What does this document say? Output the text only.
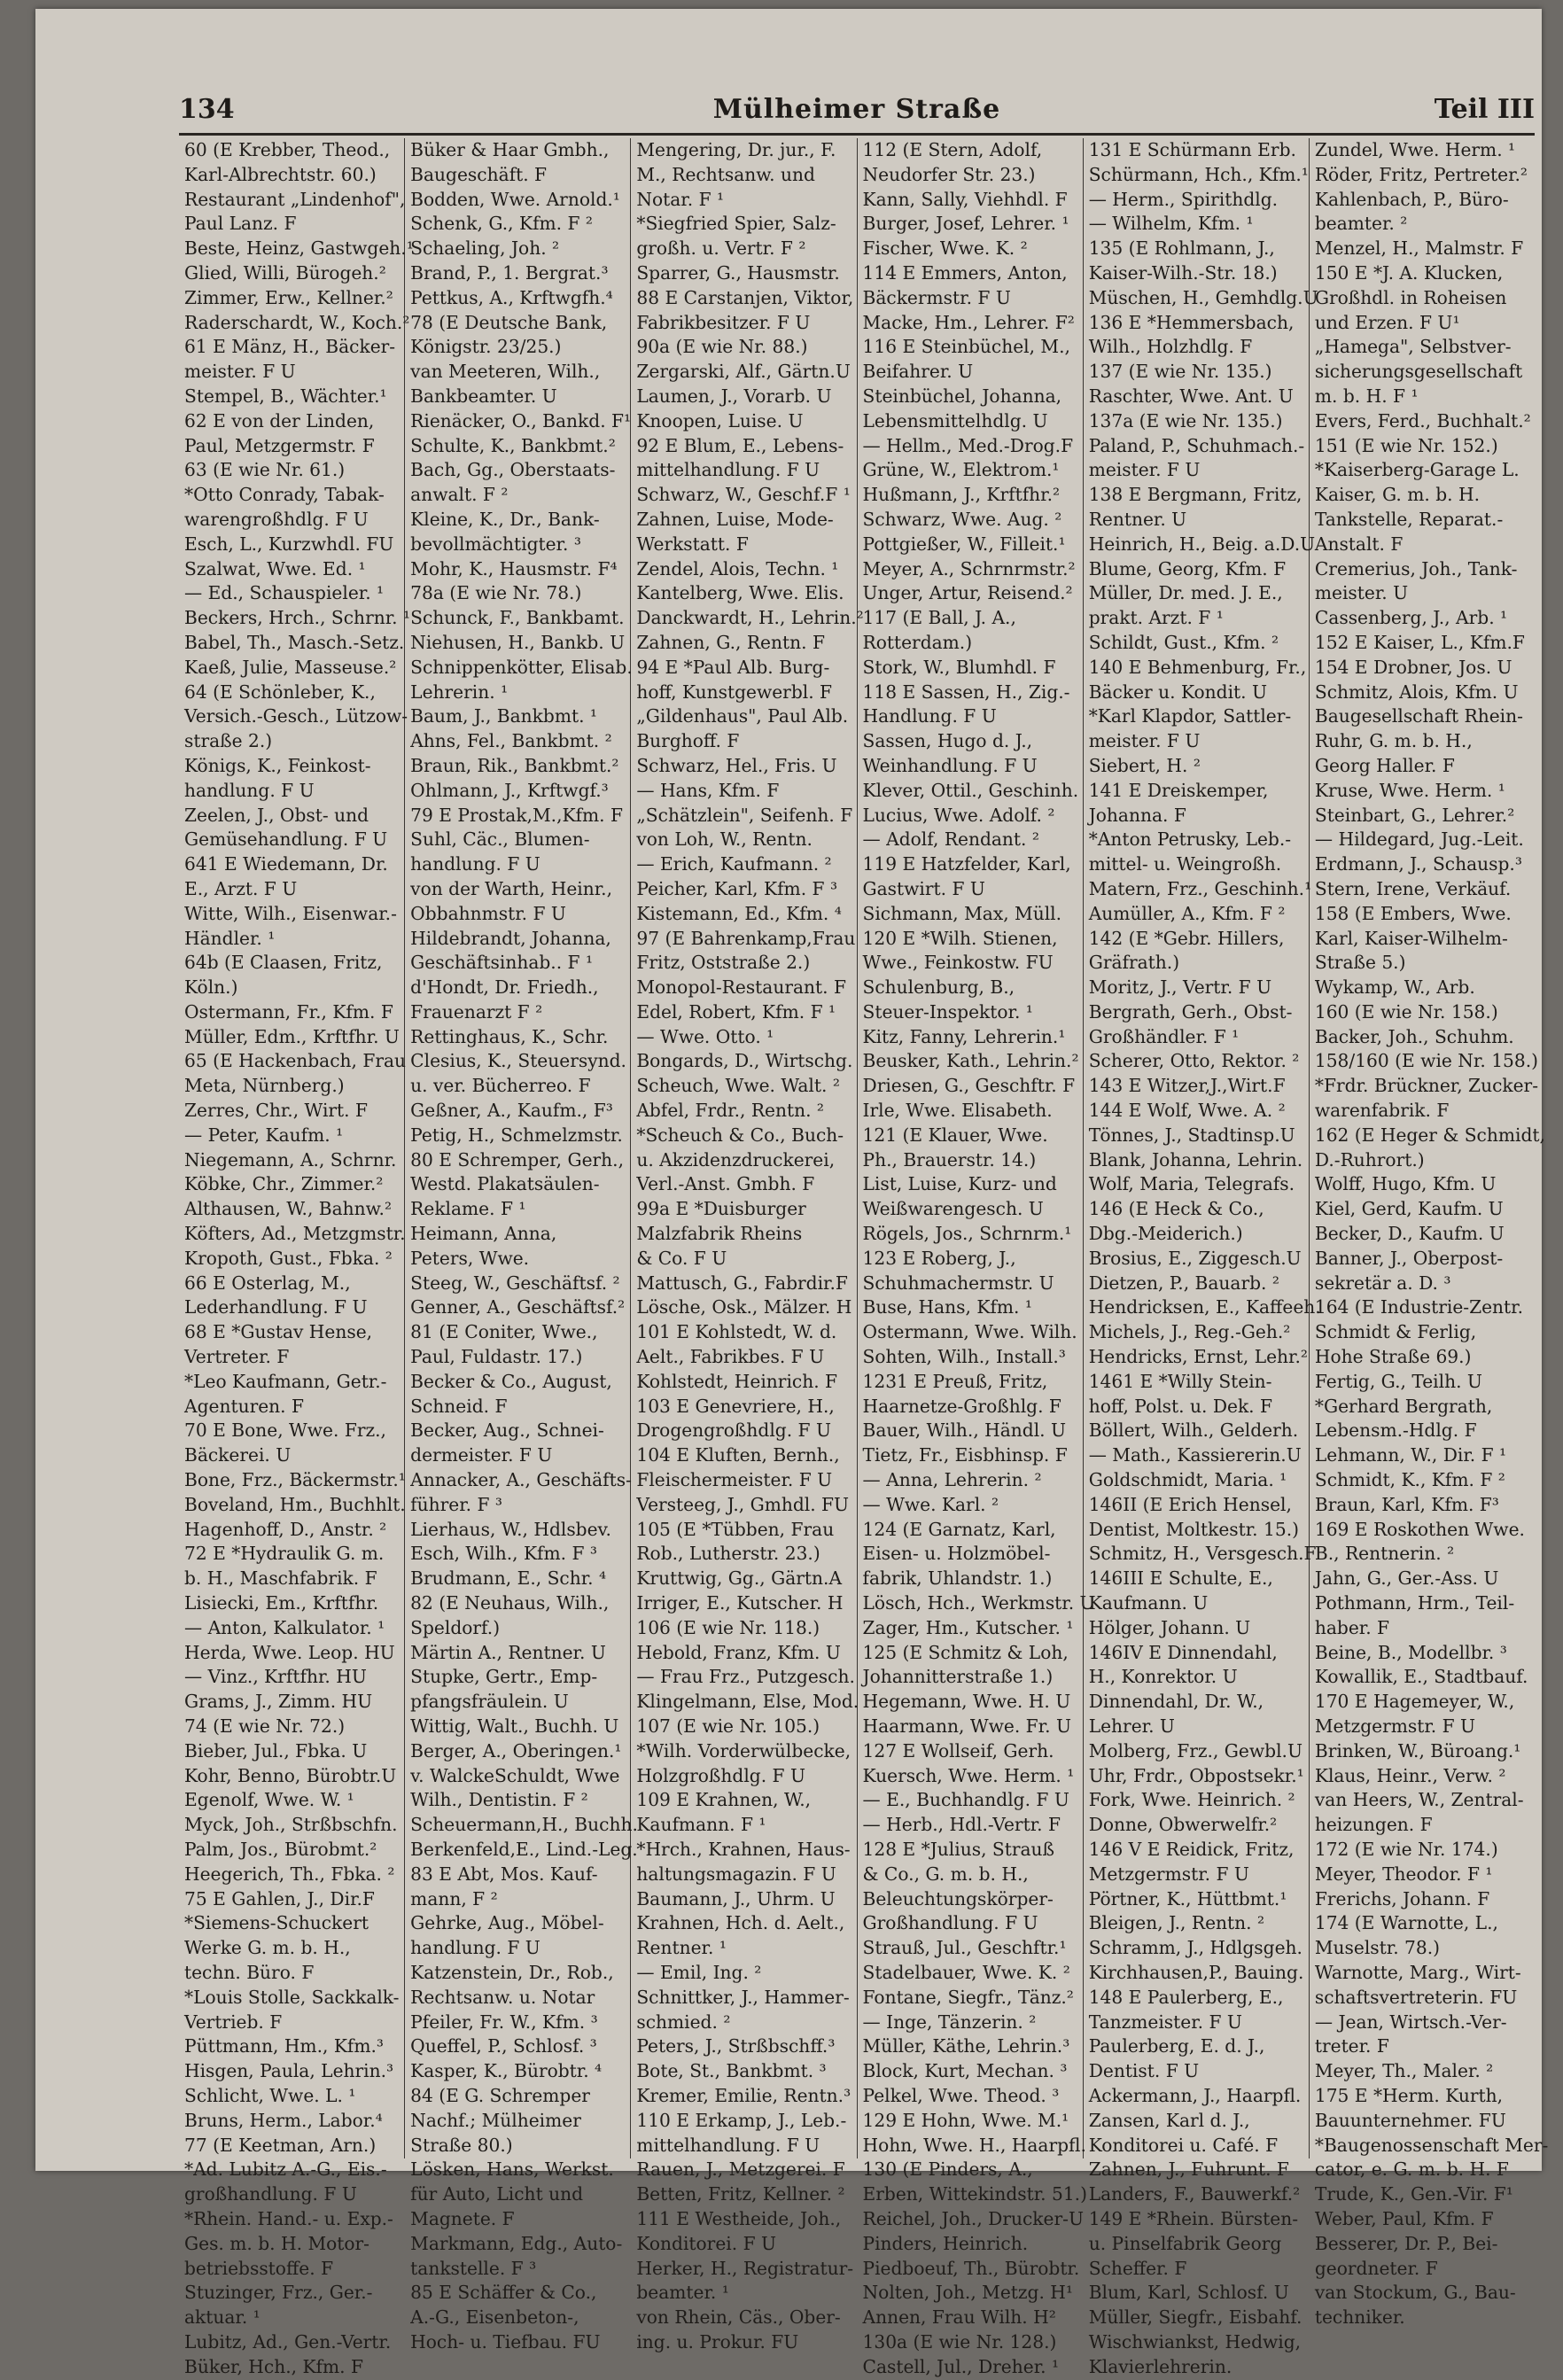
134	Mülheimer Straße	Teil III
60 (E Krebber, Theod.,
Karl-Albrechtstr. 60.)
Restaurant „Lindenhof",
Paul Lanz. F
Beste, Heinz, Gastwgeh.¹
Glied, Willi, Bürogeh.²
Zimmer, Erw., Kellner.²
Raderschardt, W., Koch.²
61 E Mänz, H., Bäcker-
meister. F U
Stempel, B., Wächter.¹
62 E von der Linden,
Paul, Metzgermstr. F
63 (E wie Nr. 61.)
*Otto Conrady, Tabak-
warengroßhdlg. F U
Esch, L., Kurzwhdl. FU
Szalwat, Wwe. Ed. ¹
— Ed., Schauspieler. ¹
Beckers, Hrch., Schrnr. ¹
Babel, Th., Masch.-Setz.
Kaeß, Julie, Masseuse.²
64 (E Schönleber, K.,
Versich.-Gesch., Lützow-
straße 2.)
Königs, K., Feinkost-
handlung. F U
Zeelen, J., Obst- und
Gemüsehandlung. F U
641 E Wiedemann, Dr.
E., Arzt. F U
Witte, Wilh., Eisenwar.-
Händler. ¹
64b (E Claasen, Fritz,
Köln.)
Ostermann, Fr., Kfm. F
Müller, Edm., Krftfhr. U
65 (E Hackenbach, Frau
Meta, Nürnberg.)
Zerres, Chr., Wirt. F
— Peter, Kaufm. ¹
Niegemann, A., Schrnr.
Köbke, Chr., Zimmer.²
Althausen, W., Bahnw.²
Köfters, Ad., Metzgmstr.
Kropoth, Gust., Fbka. ²
66 E Osterlag, M.,
Lederhandlung. F U
68 E *Gustav Hense,
Vertreter. F
*Leo Kaufmann, Getr.-
Agenturen. F
70 E Bone, Wwe. Frz.,
Bäckerei. U
Bone, Frz., Bäckermstr.¹
Boveland, Hm., Buchhlt.
Hagenhoff, D., Anstr. ²
72 E *Hydraulik G. m.
b. H., Maschfabrik. F
Lisiecki, Em., Krftfhr.
— Anton, Kalkulator. ¹
Herda, Wwe. Leop. HU
— Vinz., Krftfhr. HU
Grams, J., Zimm. HU
74 (E wie Nr. 72.)
Bieber, Jul., Fbka. U
Kohr, Benno, Bürobtr.U
Egenolf, Wwe. W. ¹
Myck, Joh., Strßbschfn.
Palm, Jos., Bürobmt.²
Heegerich, Th., Fbka. ²
75 E Gahlen, J., Dir.F
*Siemens-Schuckert
Werke G. m. b. H.,
techn. Büro. F
*Louis Stolle, Sackkalk-
Vertrieb. F
Püttmann, Hm., Kfm.³
Hisgen, Paula, Lehrin.³
Schlicht, Wwe. L. ¹
Bruns, Herm., Labor.⁴
77 (E Keetman, Arn.)
*Ad. Lubitz A.-G., Eis.-
großhandlung. F U
*Rhein. Hand.- u. Exp.-
Ges. m. b. H. Motor-
betriebsstoffe. F
Stuzinger, Frz., Ger.-
aktuar. ¹
Lubitz, Ad., Gen.-Vertr.
Büker, Hch., Kfm. F
Büker & Haar Gmbh.,
Baugeschäft. F
Bodden, Wwe. Arnold.¹
Schenk, G., Kfm. F ²
Schaeling, Joh. ²
Brand, P., 1. Bergrat.³
Pettkus, A., Krftwgfh.⁴
78 (E Deutsche Bank,
Königstr. 23/25.)
van Meeteren, Wilh.,
Bankbeamter. U
Rienäcker, O., Bankd. F¹
Schulte, K., Bankbmt.²
Bach, Gg., Oberstaats-
anwalt. F ²
Kleine, K., Dr., Bank-
bevollmächtigter. ³
Mohr, K., Hausmstr. F⁴
78a (E wie Nr. 78.)
Schunck, F., Bankbamt.
Niehusen, H., Bankb. U
Schnippenkötter, Elisab.
Lehrerin. ¹
Baum, J., Bankbmt. ¹
Ahns, Fel., Bankbmt. ²
Braun, Rik., Bankbmt.²
Ohlmann, J., Krftwgf.³
79 E Prostak,M.,Kfm. F
Suhl, Cäc., Blumen-
handlung. F U
von der Warth, Heinr.,
Obbahnmstr. F U
Hildebrandt, Johanna,
Geschäftsinhab.. F ¹
d'Hondt, Dr. Friedh.,
Frauenarzt F ²
Rettinghaus, K., Schr.
Clesius, K., Steuersynd.
u. ver. Bücherreo. F
Geßner, A., Kaufm., F³
Petig, H., Schmelzmstr.
80 E Schremper, Gerh.,
Westd. Plakatsäulen-
Reklame. F ¹
Heimann, Anna,
Peters, Wwe.
Steeg, W., Geschäftsf. ²
Genner, A., Geschäftsf.²
81 (E Coniter, Wwe.,
Paul, Fuldastr. 17.)
Becker & Co., August,
Schneid. F
Becker, Aug., Schnei-
dermeister. F U
Annacker, A., Geschäfts-
führer. F ³
Lierhaus, W., Hdlsbev.
Esch, Wilh., Kfm. F ³
Brudmann, E., Schr. ⁴
82 (E Neuhaus, Wilh.,
Speldorf.)
Märtin A., Rentner. U
Stupke, Gertr., Emp-
pfangsfräulein. U
Wittig, Walt., Buchh. U
Berger, A., Oberingen.¹
v. WalckeSchuldt, Wwe
Wilh., Dentistin. F ²
Scheuermann,H., Buchh.
Berkenfeld,E., Lind.-Leg.
83 E Abt, Mos. Kauf-
mann, F ²
Gehrke, Aug., Möbel-
handlung. F U
Katzenstein, Dr., Rob.,
Rechtsanw. u. Notar
Pfeiler, Fr. W., Kfm. ³
Queffel, P., Schlosf. ³
Kasper, K., Bürobtr. ⁴
84 (E G. Schremper
Nachf.; Mülheimer
Straße 80.)
Lösken, Hans, Werkst.
für Auto, Licht und
Magnete. F
Markmann, Edg., Auto-
tankstelle. F ³
85 E Schäffer & Co.,
A.-G., Eisenbeton-,
Hoch- u. Tiefbau. FU
Mengering, Dr. jur., F.
M., Rechtsanw. und
Notar. F ¹
*Siegfried Spier, Salz-
großh. u. Vertr. F ²
Sparrer, G., Hausmstr.
88 E Carstanjen, Viktor,
Fabrikbesitzer. F U
90a (E wie Nr. 88.)
Zergarski, Alf., Gärtn.U
Laumen, J., Vorarb. U
Knoopen, Luise. U
92 E Blum, E., Lebens-
mittelhandlung. F U
Schwarz, W., Geschf.F ¹
Zahnen, Luise, Mode-
Werkstatt. F
Zendel, Alois, Techn. ¹
Kantelberg, Wwe. Elis.
Danckwardt, H., Lehrin.²
Zahnen, G., Rentn. F
94 E *Paul Alb. Burg-
hoff, Kunstgewerbl. F
„Gildenhaus", Paul Alb.
Burghoff. F
Schwarz, Hel., Fris. U
— Hans, Kfm. F
„Schätzlein", Seifenh. F
von Loh, W., Rentn.
— Erich, Kaufmann. ²
Peicher, Karl, Kfm. F ³
Kistemann, Ed., Kfm. ⁴
97 (E Bahrenkamp,Frau
Fritz, Oststraße 2.)
Monopol-Restaurant. F
Edel, Robert, Kfm. F ¹
— Wwe. Otto. ¹
Bongards, D., Wirtschg.
Scheuch, Wwe. Walt. ²
Abfel, Frdr., Rentn. ²
*Scheuch & Co., Buch-
u. Akzidenzdruckerei,
Verl.-Anst. Gmbh. F
99a E *Duisburger
Malzfabrik Rheins
& Co. F U
Mattusch, G., Fabrdir.F
Lösche, Osk., Mälzer. H
101 E Kohlstedt, W. d.
Aelt., Fabrikbes. F U
Kohlstedt, Heinrich. F
103 E Genevriere, H.,
Drogengroßhdlg. F U
104 E Kluften, Bernh.,
Fleischermeister. F U
Versteeg, J., Gmhdl. FU
105 (E *Tübben, Frau
Rob., Lutherstr. 23.)
Kruttwig, Gg., Gärtn.A
Irriger, E., Kutscher. H
106 (E wie Nr. 118.)
Hebold, Franz, Kfm. U
— Frau Frz., Putzgesch.
Klingelmann, Else, Mod.
107 (E wie Nr. 105.)
*Wilh. Vorderwülbecke,
Holzgroßhdlg. F U
109 E Krahnen, W.,
Kaufmann. F ¹
*Hrch., Krahnen, Haus-
haltungsmagazin. F U
Baumann, J., Uhrm. U
Krahnen, Hch. d. Aelt.,
Rentner. ¹
— Emil, Ing. ²
Schnittker, J., Hammer-
schmied. ²
Peters, J., Strßbschff.³
Bote, St., Bankbmt. ³
Kremer, Emilie, Rentn.³
110 E Erkamp, J., Leb.-
mittelhandlung. F U
Rauen, J., Metzgerei. F
Betten, Fritz, Kellner. ²
111 E Westheide, Joh.,
Konditorei. F U
Herker, H., Registratur-
beamter. ¹
von Rhein, Cäs., Ober-
ing. u. Prokur. FU
112 (E Stern, Adolf,
Neudorfer Str. 23.)
Kann, Sally, Viehhdl. F
Burger, Josef, Lehrer. ¹
Fischer, Wwe. K. ²
114 E Emmers, Anton,
Bäckermstr. F U
Macke, Hm., Lehrer. F²
116 E Steinbüchel, M.,
Beifahrer. U
Steinbüchel, Johanna,
Lebensmittelhdlg. U
— Hellm., Med.-Drog.F
Grüne, W., Elektrom.¹
Hußmann, J., Krftfhr.²
Schwarz, Wwe. Aug. ²
Pottgießer, W., Filleit.¹
Meyer, A., Schrnrmstr.²
Unger, Artur, Reisend.²
117 (E Ball, J. A.,
Rotterdam.)
Stork, W., Blumhdl. F
118 E Sassen, H., Zig.-
Handlung. F U
Sassen, Hugo d. J.,
Weinhandlung. F U
Klever, Ottil., Geschinh.
Lucius, Wwe. Adolf. ²
— Adolf, Rendant. ²
119 E Hatzfelder, Karl,
Gastwirt. F U
Sichmann, Max, Müll.
120 E *Wilh. Stienen,
Wwe., Feinkostw. FU
Schulenburg, B.,
Steuer-Inspektor. ¹
Kitz, Fanny, Lehrerin.¹
Beusker, Kath., Lehrin.²
Driesen, G., Geschftr. F
Irle, Wwe. Elisabeth.
121 (E Klauer, Wwe.
Ph., Brauerstr. 14.)
List, Luise, Kurz- und
Weißwarengesch. U
Rögels, Jos., Schrnrm.¹
123 E Roberg, J.,
Schuhmachermstr. U
Buse, Hans, Kfm. ¹
Ostermann, Wwe. Wilh.
Sohten, Wilh., Install.³
1231 E Preuß, Fritz,
Haarnetze-Großhlg. F
Bauer, Wilh., Händl. U
Tietz, Fr., Eisbhinsp. F
— Anna, Lehrerin. ²
— Wwe. Karl. ²
124 (E Garnatz, Karl,
Eisen- u. Holzmöbel-
fabrik, Uhlandstr. 1.)
Lösch, Hch., Werkmstr. U
Zager, Hm., Kutscher. ¹
125 (E Schmitz & Loh,
Johannitterstraße 1.)
Hegemann, Wwe. H. U
Haarmann, Wwe. Fr. U
127 E Wollseif, Gerh.
Kuersch, Wwe. Herm. ¹
— E., Buchhandlg. F U
— Herb., Hdl.-Vertr. F
128 E *Julius, Strauß
& Co., G. m. b. H.,
Beleuchtungskörper-
Großhandlung. F U
Strauß, Jul., Geschftr.¹
Stadelbauer, Wwe. K. ²
Fontane, Siegfr., Tänz.²
— Inge, Tänzerin. ²
Müller, Käthe, Lehrin.³
Block, Kurt, Mechan. ³
Pelkel, Wwe. Theod. ³
129 E Hohn, Wwe. M.¹
Hohn, Wwe. H., Haarpfl.
130 (E Pinders, A.,
Erben, Wittekindstr. 51.)
Reichel, Joh., Drucker-U
Pinders, Heinrich.
Piedboeuf, Th., Bürobtr.
Nolten, Joh., Metzg. H¹
Annen, Frau Wilh. H²
130a (E wie Nr. 128.)
Castell, Jul., Dreher. ¹
131 E Schürmann Erb.
Schürmann, Hch., Kfm.¹
— Herm., Spirithdlg.
— Wilhelm, Kfm. ¹
135 (E Rohlmann, J.,
Kaiser-Wilh.-Str. 18.)
Müschen, H., Gemhdlg.U
136 E *Hemmersbach,
Wilh., Holzhdlg. F
137 (E wie Nr. 135.)
Raschter, Wwe. Ant. U
137a (E wie Nr. 135.)
Paland, P., Schuhmach.-
meister. F U
138 E Bergmann, Fritz,
Rentner. U
Heinrich, H., Beig. a.D.U
Blume, Georg, Kfm. F
Müller, Dr. med. J. E.,
prakt. Arzt. F ¹
Schildt, Gust., Kfm. ²
140 E Behmenburg, Fr.,
Bäcker u. Kondit. U
*Karl Klapdor, Sattler-
meister. F U
Siebert, H. ²
141 E Dreiskemper,
Johanna. F
*Anton Petrusky, Leb.-
mittel- u. Weingroßh.
Matern, Frz., Geschinh.¹
Aumüller, A., Kfm. F ²
142 (E *Gebr. Hillers,
Gräfrath.)
Moritz, J., Vertr. F U
Bergrath, Gerh., Obst-
Großhändler. F ¹
Scherer, Otto, Rektor. ²
143 E Witzer,J.,Wirt.F
144 E Wolf, Wwe. A. ²
Tönnes, J., Stadtinsp.U
Blank, Johanna, Lehrin.
Wolf, Maria, Telegrafs.
146 (E Heck & Co.,
Dbg.-Meiderich.)
Brosius, E., Ziggesch.U
Dietzen, P., Bauarb. ²
Hendricksen, E., Kaffeeh.
Michels, J., Reg.-Geh.²
Hendricks, Ernst, Lehr.²
1461 E *Willy Stein-
hoff, Polst. u. Dek. F
Böllert, Wilh., Gelderh.
— Math., Kassiererin.U
Goldschmidt, Maria. ¹
146II (E Erich Hensel,
Dentist, Moltkestr. 15.)
Schmitz, H., Versgesch.F
146III E Schulte, E.,
Kaufmann. U
Hölger, Johann. U
146IV E Dinnendahl,
H., Konrektor. U
Dinnendahl, Dr. W.,
Lehrer. U
Molberg, Frz., Gewbl.U
Uhr, Frdr., Obpostsekr.¹
Fork, Wwe. Heinrich. ²
Donne, Obwerwelfr.²
146 V E Reidick, Fritz,
Metzgermstr. F U
Pörtner, K., Hüttbmt.¹
Bleigen, J., Rentn. ²
Schramm, J., Hdlgsgeh.
Kirchhausen,P., Bauing.
148 E Paulerberg, E.,
Tanzmeister. F U
Paulerberg, E. d. J.,
Dentist. F U
Ackermann, J., Haarpfl.
Zansen, Karl d. J.,
Konditorei u. Café. F
Zahnen, J., Fuhrunt. F
Landers, F., Bauwerkf.²
149 E *Rhein. Bürsten-
u. Pinselfabrik Georg
Scheffer. F
Blum, Karl, Schlosf. U
Müller, Siegfr., Eisbahf.
Wischwiankst, Hedwig,
Klavierlehrerin.
Zundel, Wwe. Herm. ¹
Röder, Fritz, Pertreter.²
Kahlenbach, P., Büro-
beamter. ²
Menzel, H., Malmstr. F
150 E *J. A. Klucken,
Großhdl. in Roheisen
und Erzen. F U¹
„Hamega", Selbstver-
sicherungsgesellschaft
m. b. H. F ¹
Evers, Ferd., Buchhalt.²
151 (E wie Nr. 152.)
*Kaiserberg-Garage L.
Kaiser, G. m. b. H.
Tankstelle, Reparat.-
Anstalt. F
Cremerius, Joh., Tank-
meister. U
Cassenberg, J., Arb. ¹
152 E Kaiser, L., Kfm.F
154 E Drobner, Jos. U
Schmitz, Alois, Kfm. U
Baugesellschaft Rhein-
Ruhr, G. m. b. H.,
Georg Haller. F
Kruse, Wwe. Herm. ¹
Steinbart, G., Lehrer.²
— Hildegard, Jug.-Leit.
Erdmann, J., Schausp.³
Stern, Irene, Verkäuf.
158 (E Embers, Wwe.
Karl, Kaiser-Wilhelm-
Straße 5.)
Wykamp, W., Arb.
160 (E wie Nr. 158.)
Backer, Joh., Schuhm.
158/160 (E wie Nr. 158.)
*Frdr. Brückner, Zucker-
warenfabrik. F
162 (E Heger & Schmidt,
D.-Ruhrort.)
Wolff, Hugo, Kfm. U
Kiel, Gerd, Kaufm. U
Becker, D., Kaufm. U
Banner, J., Oberpost-
sekretär a. D. ³
164 (E Industrie-Zentr.
Schmidt & Ferlig,
Hohe Straße 69.)
Fertig, G., Teilh. U
*Gerhard Bergrath,
Lebensm.-Hdlg. F
Lehmann, W., Dir. F ¹
Schmidt, K., Kfm. F ²
Braun, Karl, Kfm. F³
169 E Roskothen Wwe.
B., Rentnerin. ²
Jahn, G., Ger.-Ass. U
Pothmann, Hrm., Teil-
haber. F
Beine, B., Modellbr. ³
Kowallik, E., Stadtbauf.
170 E Hagemeyer, W.,
Metzgermstr. F U
Brinken, W., Büroang.¹
Klaus, Heinr., Verw. ²
van Heers, W., Zentral-
heizungen. F
172 (E wie Nr. 174.)
Meyer, Theodor. F ¹
Frerichs, Johann. F
174 (E Warnotte, L.,
Muselstr. 78.)
Warnotte, Marg., Wirt-
schaftsvertreterin. FU
— Jean, Wirtsch.-Ver-
treter. F
Meyer, Th., Maler. ²
175 E *Herm. Kurth,
Bauunternehmer. FU
*Baugenossenschaft Mer-
cator, e. G. m. b. H. F
Trude, K., Gen.-Vir. F¹
Weber, Paul, Kfm. F
Besserer, Dr. P., Bei-
geordneter. F
van Stockum, G., Bau-
techniker.
